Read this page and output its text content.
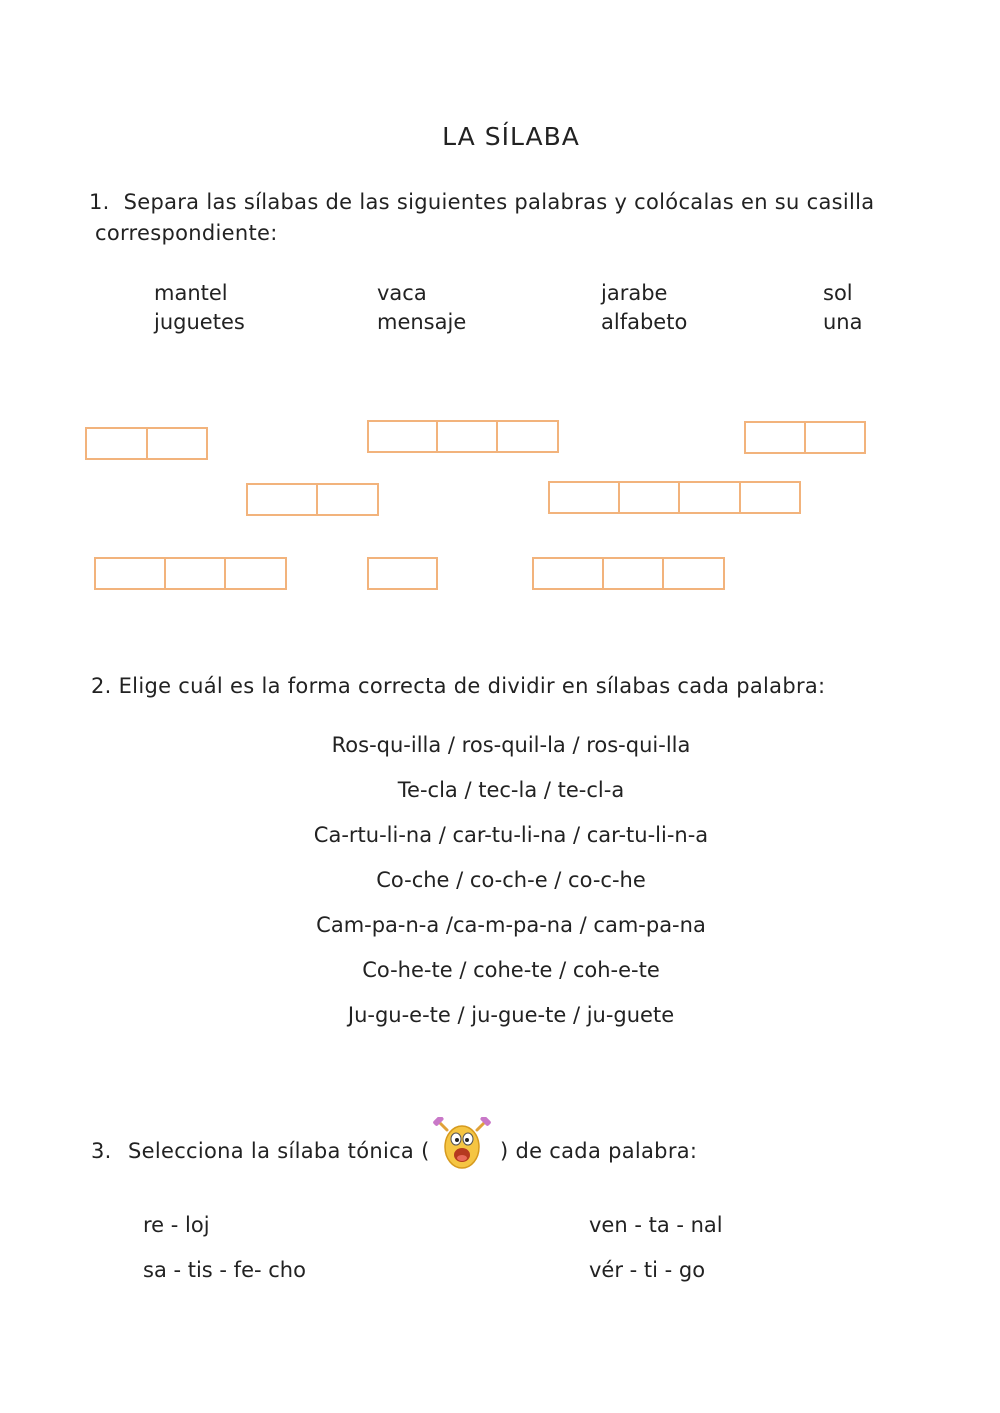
LA SÍLABA
1. Separa las sílabas de las siguientes palabras y colócalas en su casilla
correspondiente:
mantel	vaca	jarabe	sol
juguetes	mensaje	alfabeto	una
2. Elige cuál es la forma correcta de dividir en sílabas cada palabra:
Ros-qu-illa / ros-quil-la / ros-qui-lla
Te-cla / tec-la / te-cl-a
Ca-rtu-li-na / car-tu-li-na / car-tu-li-n-a
Co-che / co-ch-e / co-c-he
Cam-pa-n-a /ca-m-pa-na / cam-pa-na
Co-he-te / cohe-te / coh-e-te
Ju-gu-e-te / ju-gue-te / ju-guete
3. Selecciona la sílaba tónica (	) de cada palabra:
re - loj	ven - ta - nal
sa - tis - fe- cho	vér - ti - go
